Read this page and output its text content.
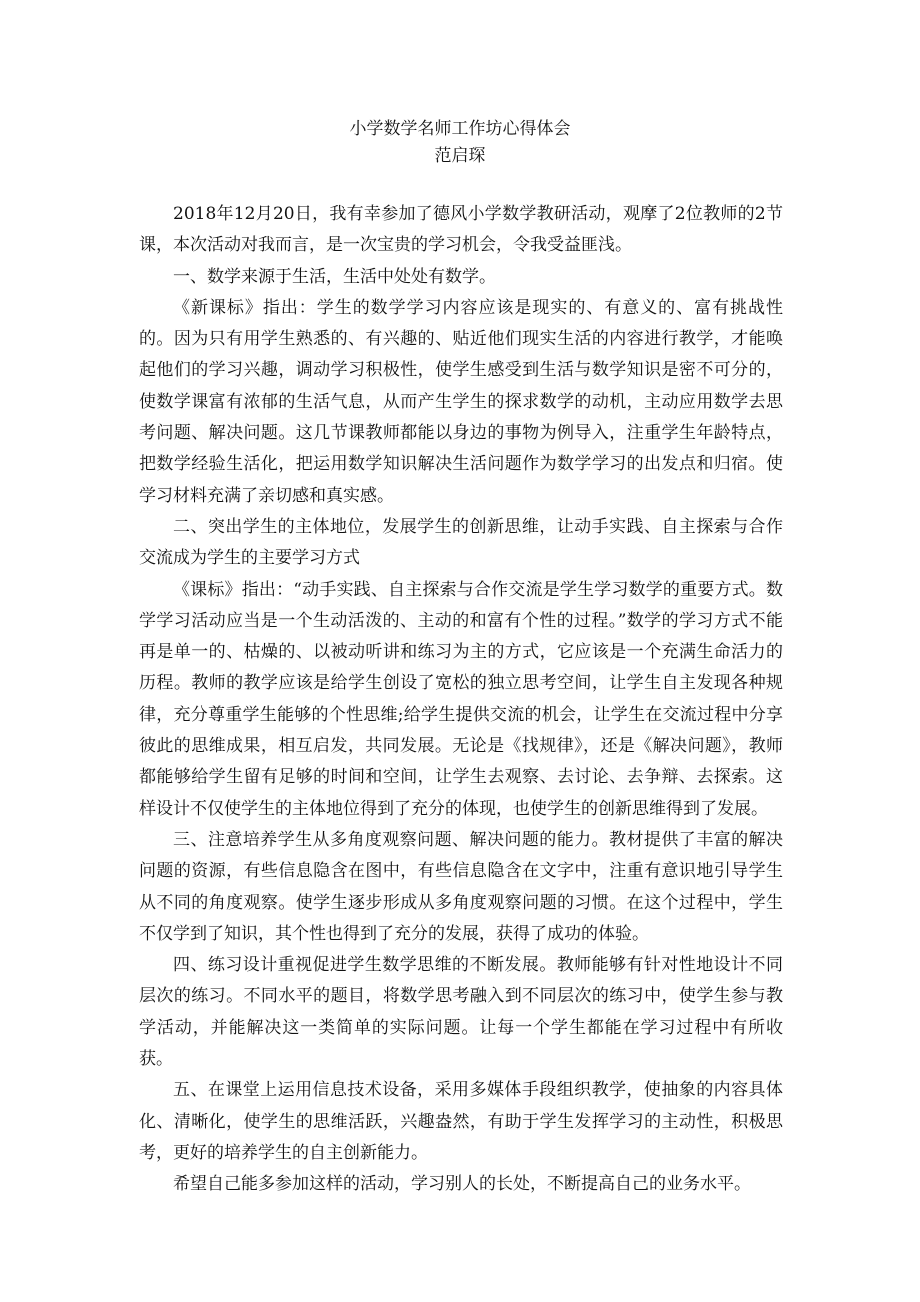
小学数学名师工作坊心得体会
范启琛

2018年12月20日，我有幸参加了德风小学数学教研活动，观摩了2位教师的2节课，本次活动对我而言，是一次宝贵的学习机会，令我受益匪浅。

一、数学来源于生活，生活中处处有数学。

《新课标》指出：学生的数学学习内容应该是现实的、有意义的、富有挑战性的。因为只有用学生熟悉的、有兴趣的、贴近他们现实生活的内容进行教学，才能唤起他们的学习兴趣，调动学习积极性，使学生感受到生活与数学知识是密不可分的，使数学课富有浓郁的生活气息，从而产生学生的探求数学的动机，主动应用数学去思考问题、解决问题。这几节课教师都能以身边的事物为例导入，注重学生年龄特点，把数学经验生活化，把运用数学知识解决生活问题作为数学学习的出发点和归宿。使学习材料充满了亲切感和真实感。

二、突出学生的主体地位，发展学生的创新思维，让动手实践、自主探索与合作交流成为学生的主要学习方式

《课标》指出：“动手实践、自主探索与合作交流是学生学习数学的重要方式。数学学习活动应当是一个生动活泼的、主动的和富有个性的过程。”数学的学习方式不能再是单一的、枯燥的、以被动听讲和练习为主的方式，它应该是一个充满生命活力的历程。教师的教学应该是给学生创设了宽松的独立思考空间，让学生自主发现各种规律，充分尊重学生能够的个性思维;给学生提供交流的机会，让学生在交流过程中分享彼此的思维成果，相互启发，共同发展。无论是《找规律》，还是《解决问题》，教师都能够给学生留有足够的时间和空间，让学生去观察、去讨论、去争辩、去探索。这样设计不仅使学生的主体地位得到了充分的体现，也使学生的创新思维得到了发展。

三、注意培养学生从多角度观察问题、解决问题的能力。教材提供了丰富的解决问题的资源，有些信息隐含在图中，有些信息隐含在文字中，注重有意识地引导学生从不同的角度观察。使学生逐步形成从多角度观察问题的习惯。在这个过程中，学生不仅学到了知识，其个性也得到了充分的发展，获得了成功的体验。

四、练习设计重视促进学生数学思维的不断发展。教师能够有针对性地设计不同层次的练习。不同水平的题目，将数学思考融入到不同层次的练习中，使学生参与教学活动，并能解决这一类简单的实际问题。让每一个学生都能在学习过程中有所收获。

五、在课堂上运用信息技术设备，采用多媒体手段组织教学，使抽象的内容具体化、清晰化，使学生的思维活跃，兴趣盎然，有助于学生发挥学习的主动性，积极思考，更好的培养学生的自主创新能力。

希望自己能多参加这样的活动，学习别人的长处，不断提高自己的业务水平。
